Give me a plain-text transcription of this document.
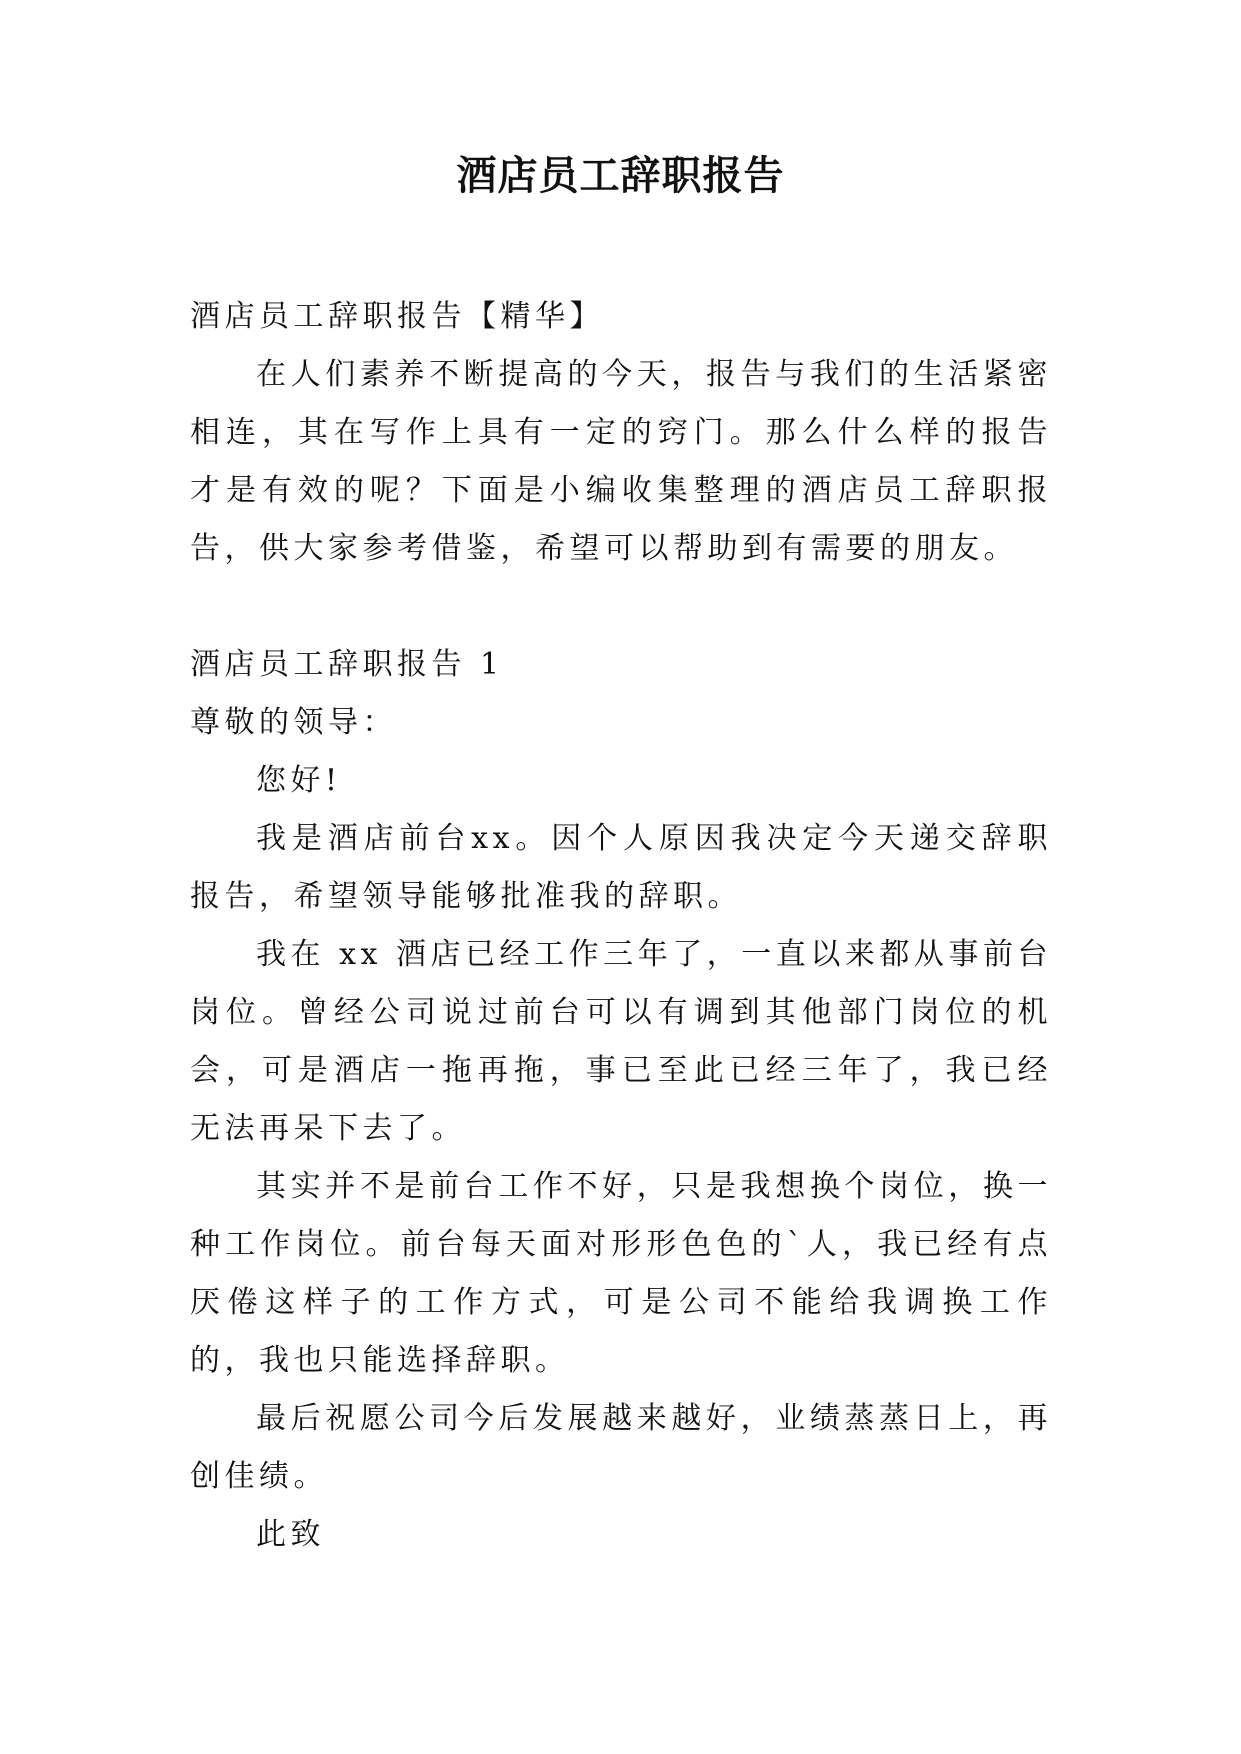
酒店员工辞职报告

酒店员工辞职报告【精华】

在人们素养不断提高的今天，报告与我们的生活紧密相连，其在写作上具有一定的窍门。那么什么样的报告才是有效的呢？下面是小编收集整理的酒店员工辞职报告，供大家参考借鉴，希望可以帮助到有需要的朋友。

酒店员工辞职报告 1

尊敬的领导：

您好!

我是酒店前台xx。因个人原因我决定今天递交辞职报告，希望领导能够批准我的辞职。

我在 xx 酒店已经工作三年了，一直以来都从事前台岗位。曾经公司说过前台可以有调到其他部门岗位的机会，可是酒店一拖再拖，事已至此已经三年了，我已经无法再呆下去了。

其实并不是前台工作不好，只是我想换个岗位，换一种工作岗位。前台每天面对形形色色的`人，我已经有点厌倦这样子的工作方式，可是公司不能给我调换工作的，我也只能选择辞职。

最后祝愿公司今后发展越来越好，业绩蒸蒸日上，再创佳绩。

此致
